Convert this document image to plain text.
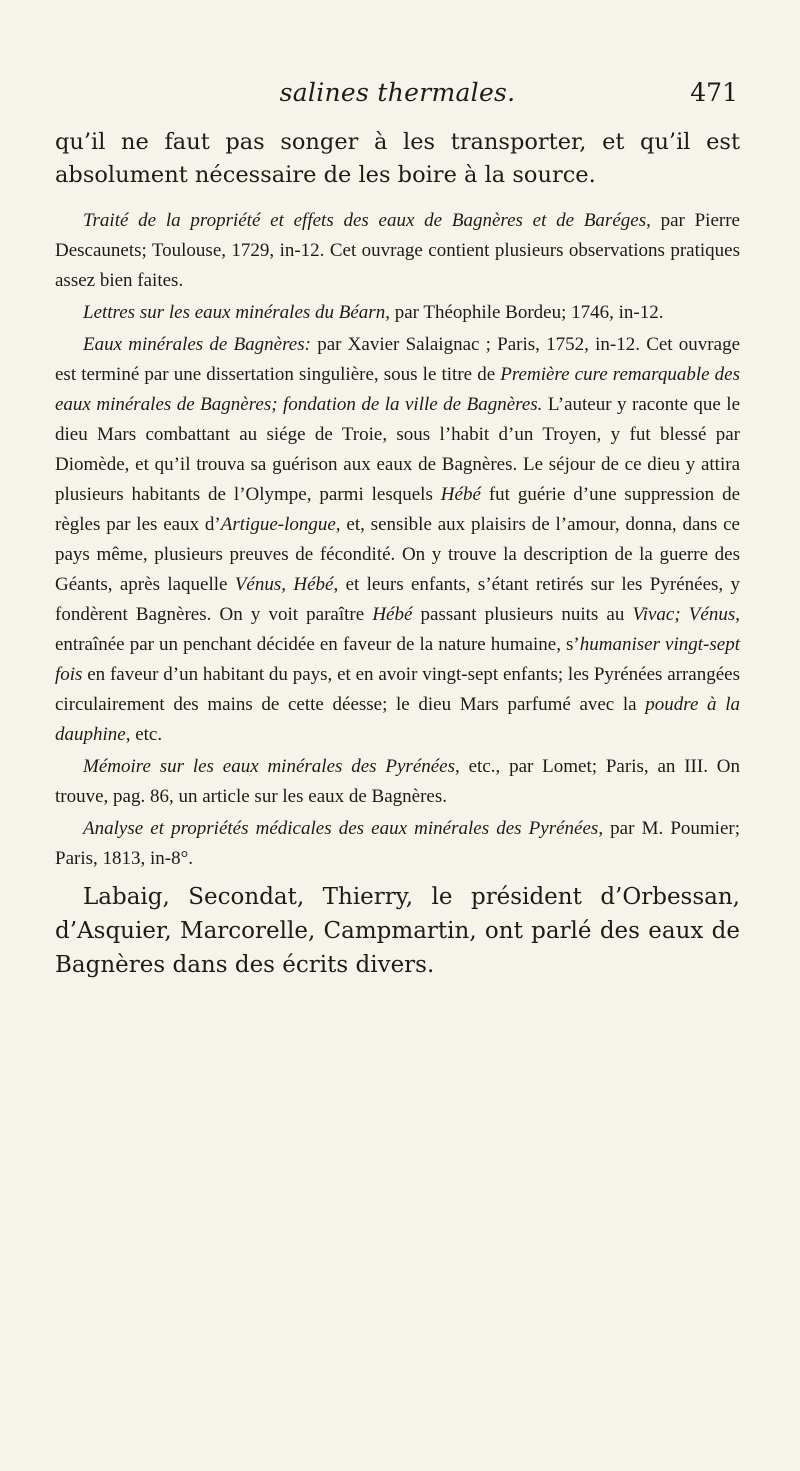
salines thermales.	471

qu’il ne faut pas songer à les transporter, et qu’il est absolument nécessaire de les boire à la source.

Traité de la propriété et effets des eaux de Bagnères et de Baréges, par Pierre Descaunets; Toulouse, 1729, in-12. Cet ouvrage contient plusieurs observations pratiques assez bien faites.

Lettres sur les eaux minérales du Béarn, par Théophile Bordeu; 1746, in-12.

Eaux minérales de Bagnères: par Xavier Salaignac ; Paris, 1752, in-12. Cet ouvrage est terminé par une dissertation singulière, sous le titre de Première cure remarquable des eaux minérales de Bagnères; fondation de la ville de Bagnères. L’auteur y raconte que le dieu Mars combattant au siége de Troie, sous l’habit d’un Troyen, y fut blessé par Diomède, et qu’il trouva sa guérison aux eaux de Bagnères. Le séjour de ce dieu y attira plusieurs habitants de l’Olympe, parmi lesquels Hébé fut guérie d’une suppression de règles par les eaux d’Artigue-longue, et, sensible aux plaisirs de l’amour, donna, dans ce pays même, plusieurs preuves de fécondité. On y trouve la description de la guerre des Géants, après laquelle Vénus, Hébé, et leurs enfants, s’étant retirés sur les Pyrénées, y fondèrent Bagnères. On y voit paraître Hébé passant plusieurs nuits au Vivac; Vénus, entraînée par un penchant décidée en faveur de la nature humaine, s’humaniser vingt-sept fois en faveur d’un habitant du pays, et en avoir vingt-sept enfants; les Pyrénées arrangées circulairement des mains de cette déesse; le dieu Mars parfumé avec la poudre à la dauphine, etc.

Mémoire sur les eaux minérales des Pyrénées, etc., par Lomet; Paris, an III. On trouve, pag. 86, un article sur les eaux de Bagnères.

Analyse et propriétés médicales des eaux minérales des Pyrénées, par M. Poumier; Paris, 1813, in-8°.

Labaig, Secondat, Thierry, le président d’Orbessan, d’Asquier, Marcorelle, Campmartin, ont parlé des eaux de Bagnères dans des écrits divers.
